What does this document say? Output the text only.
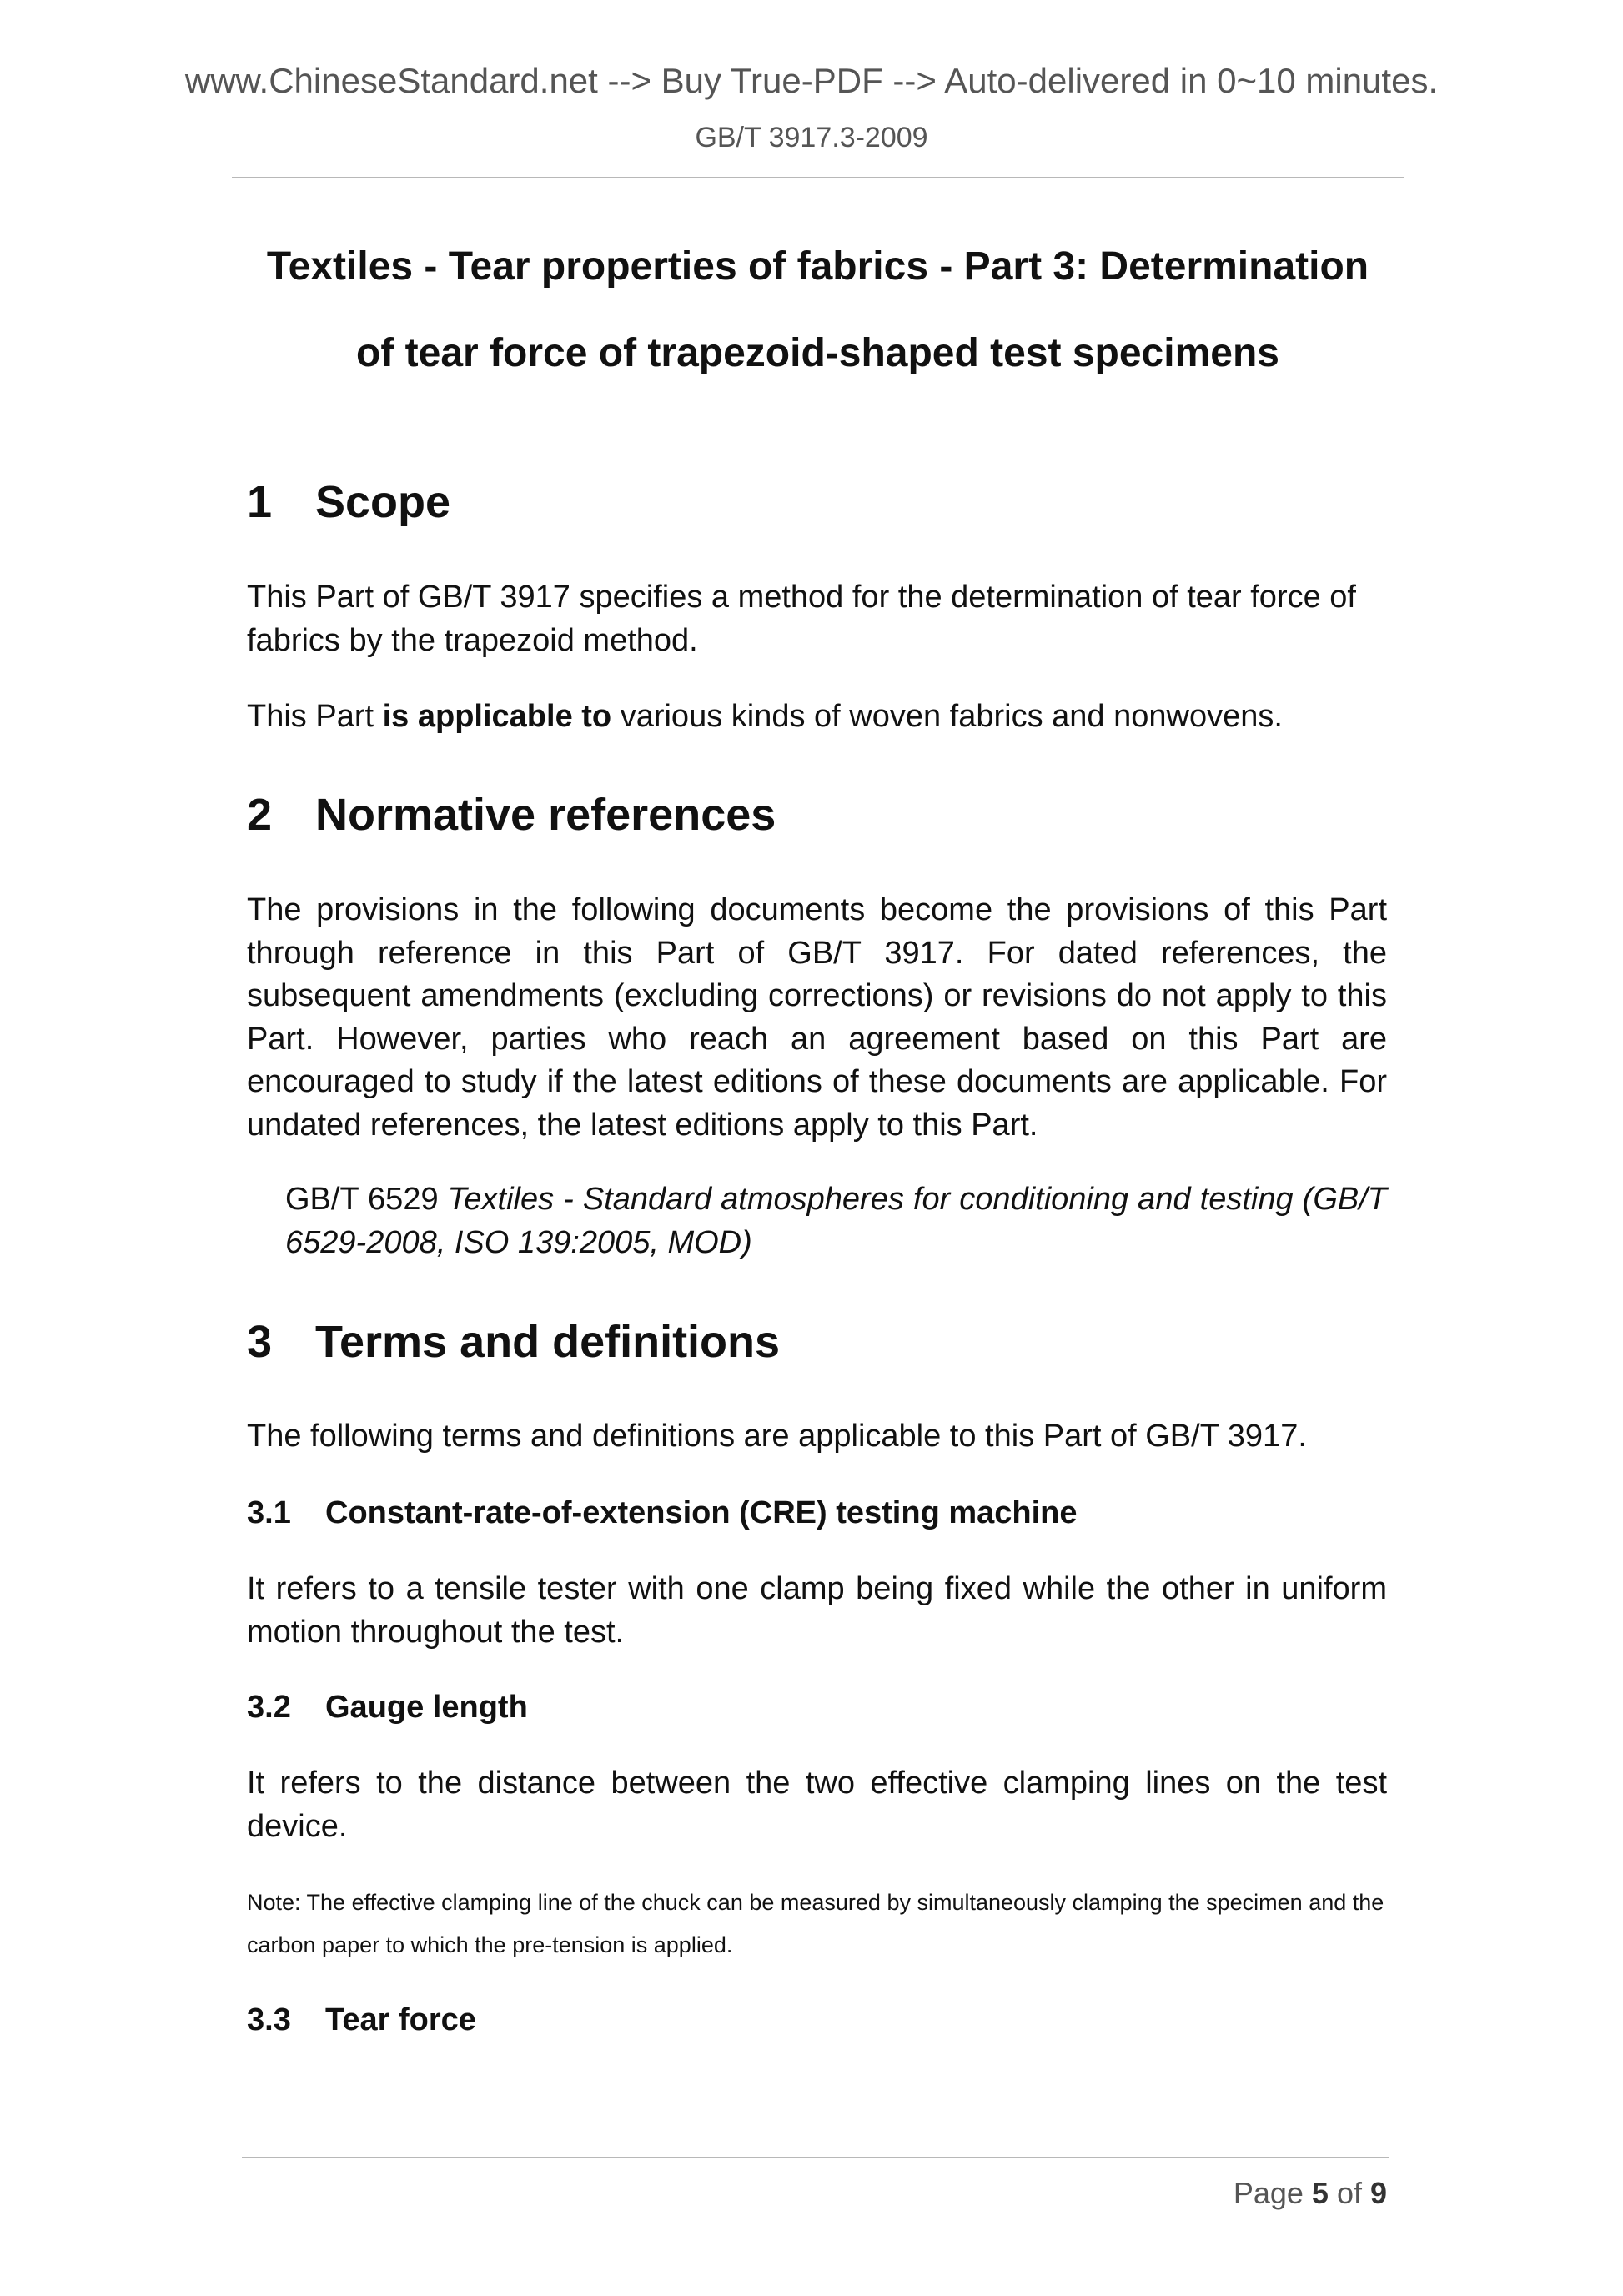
www.ChineseStandard.net --> Buy True-PDF --> Auto-delivered in 0~10 minutes.
GB/T 3917.3-2009
Textiles - Tear properties of fabrics - Part 3: Determination
of tear force of trapezoid-shaped test specimens
1 Scope
This Part of GB/T 3917 specifies a method for the determination of tear force of fabrics by the trapezoid method.
This Part is applicable to various kinds of woven fabrics and nonwovens.
2 Normative references
The provisions in the following documents become the provisions of this Part through reference in this Part of GB/T 3917. For dated references, the subsequent amendments (excluding corrections) or revisions do not apply to this Part. However, parties who reach an agreement based on this Part are encouraged to study if the latest editions of these documents are applicable. For undated references, the latest editions apply to this Part.
GB/T 6529 Textiles - Standard atmospheres for conditioning and testing (GB/T 6529-2008, ISO 139:2005, MOD)
3 Terms and definitions
The following terms and definitions are applicable to this Part of GB/T 3917.
3.1 Constant-rate-of-extension (CRE) testing machine
It refers to a tensile tester with one clamp being fixed while the other in uniform motion throughout the test.
3.2 Gauge length
It refers to the distance between the two effective clamping lines on the test device.
Note: The effective clamping line of the chuck can be measured by simultaneously clamping the specimen and the carbon paper to which the pre-tension is applied.
3.3 Tear force
Page 5 of 9
